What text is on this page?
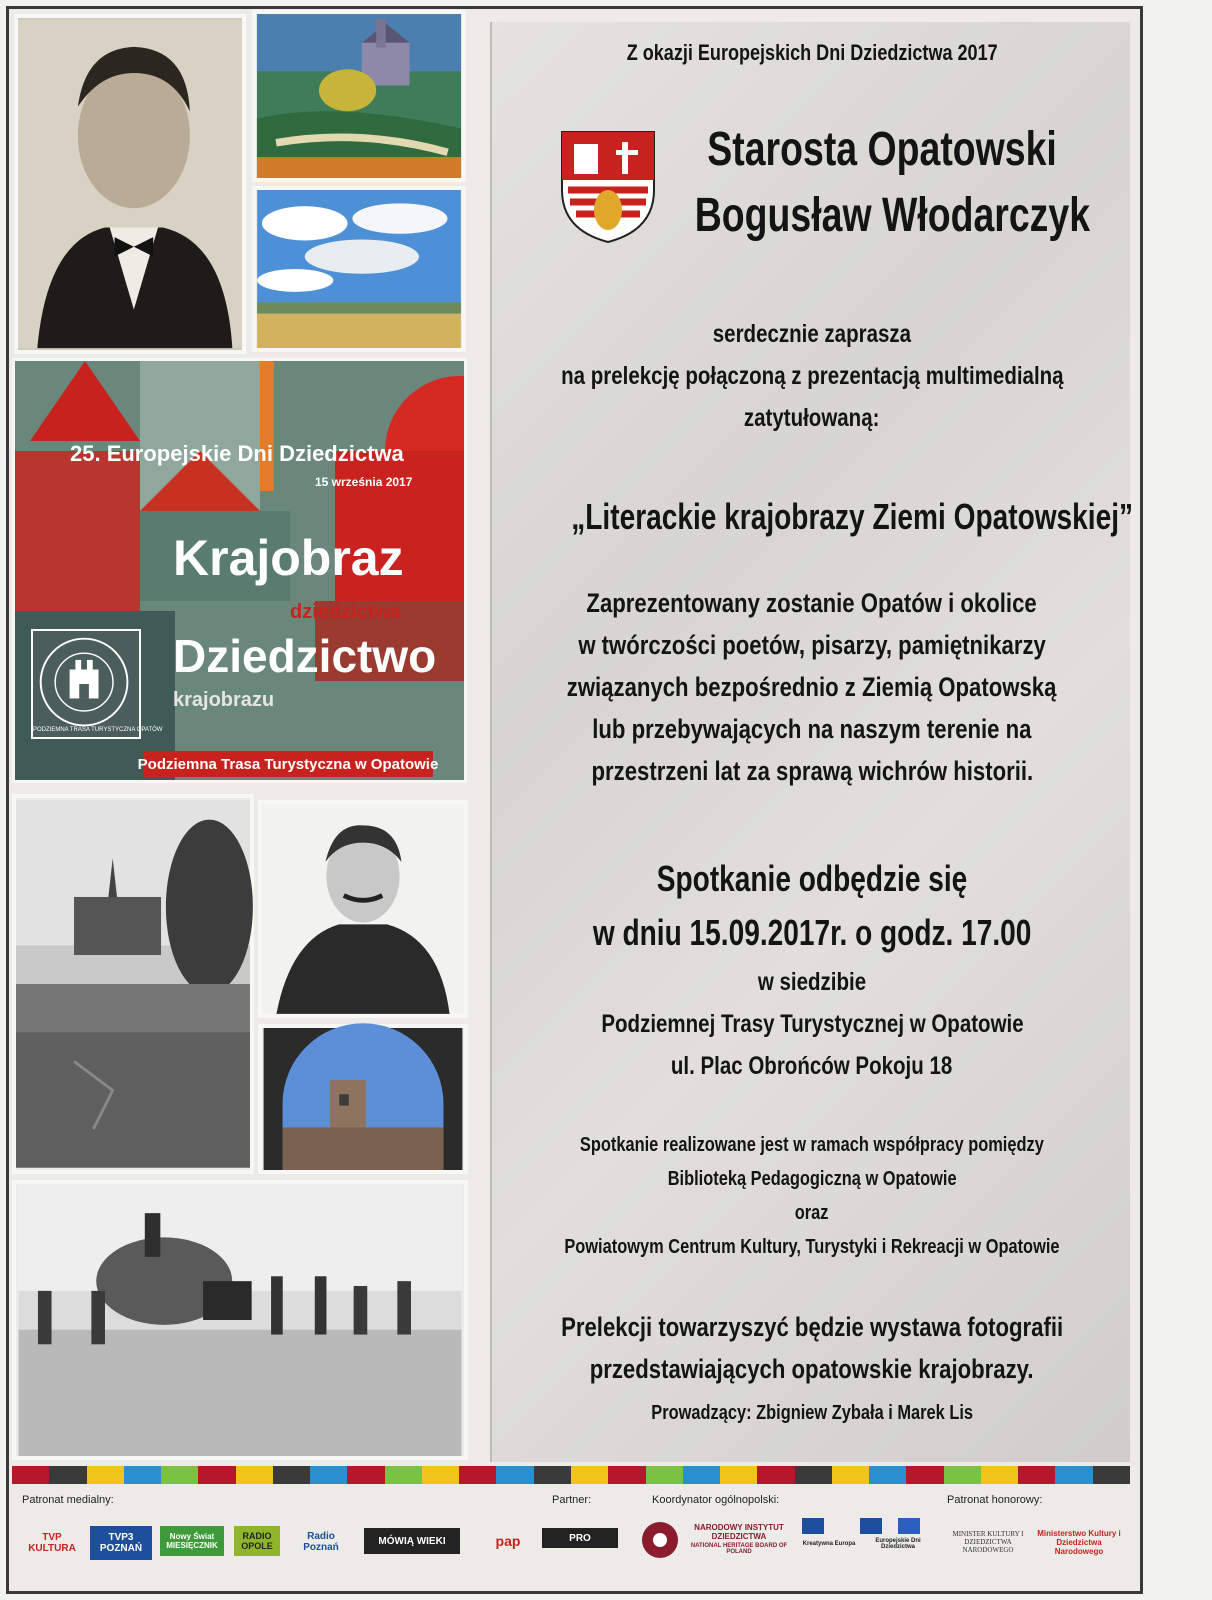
25. Europejskie Dni Dziedzictwa
15 września 2017
Krajobraz
dziedzictwa
Dziedzictwo
krajobrazu
PODZIEMNA TRASA TURYSTYCZNA OPATÓW
Podziemna Trasa Turystyczna w Opatowie
Z okazji Europejskich Dni Dziedzictwa 2017
Starosta Opatowski
Bogusław Włodarczyk
serdecznie zaprasza
na prelekcję połączoną z prezentacją multimedialną
zatytułowaną:
„Literackie krajobrazy Ziemi Opatowskiej”
Zaprezentowany zostanie Opatów i okolice
w twórczości poetów, pisarzy, pamiętnikarzy
związanych bezpośrednio z Ziemią Opatowską
lub przebywających na naszym terenie na
przestrzeni lat za sprawą wichrów historii.
Spotkanie odbędzie się
w dniu 15.09.2017r. o godz. 17.00
w siedzibie
Podziemnej Trasy Turystycznej w Opatowie
ul. Plac Obrońców Pokoju 18
Spotkanie realizowane jest w ramach współpracy pomiędzy
Biblioteką Pedagogiczną w Opatowie
oraz
Powiatowym Centrum Kultury, Turystyki i Rekreacji w Opatowie
Prelekcji towarzyszyć będzie wystawa fotografii
przedstawiających opatowskie krajobrazy.
Prowadzący: Zbigniew Zybała i Marek Lis
Patronat medialny:	Partner:	Koordynator ogólnopolski:	Patronat honorowy:
TVP KULTURA
TVP3 POZNAŃ
Nowy Świat MIESIĘCZNIK
RADIO OPOLE
Radio Poznań
MÓWIĄ WIEKI	pap	PRO
NARODOWY INSTYTUT DZIEDZICTWA
NATIONAL HERITAGE BOARD OF POLAND
Kreatywna Europa	Europejskie Dni Dziedzictwa
MINISTER KULTURY I DZIEDZICTWA NARODOWEGO
Ministerstwo Kultury i Dziedzictwa Narodowego
